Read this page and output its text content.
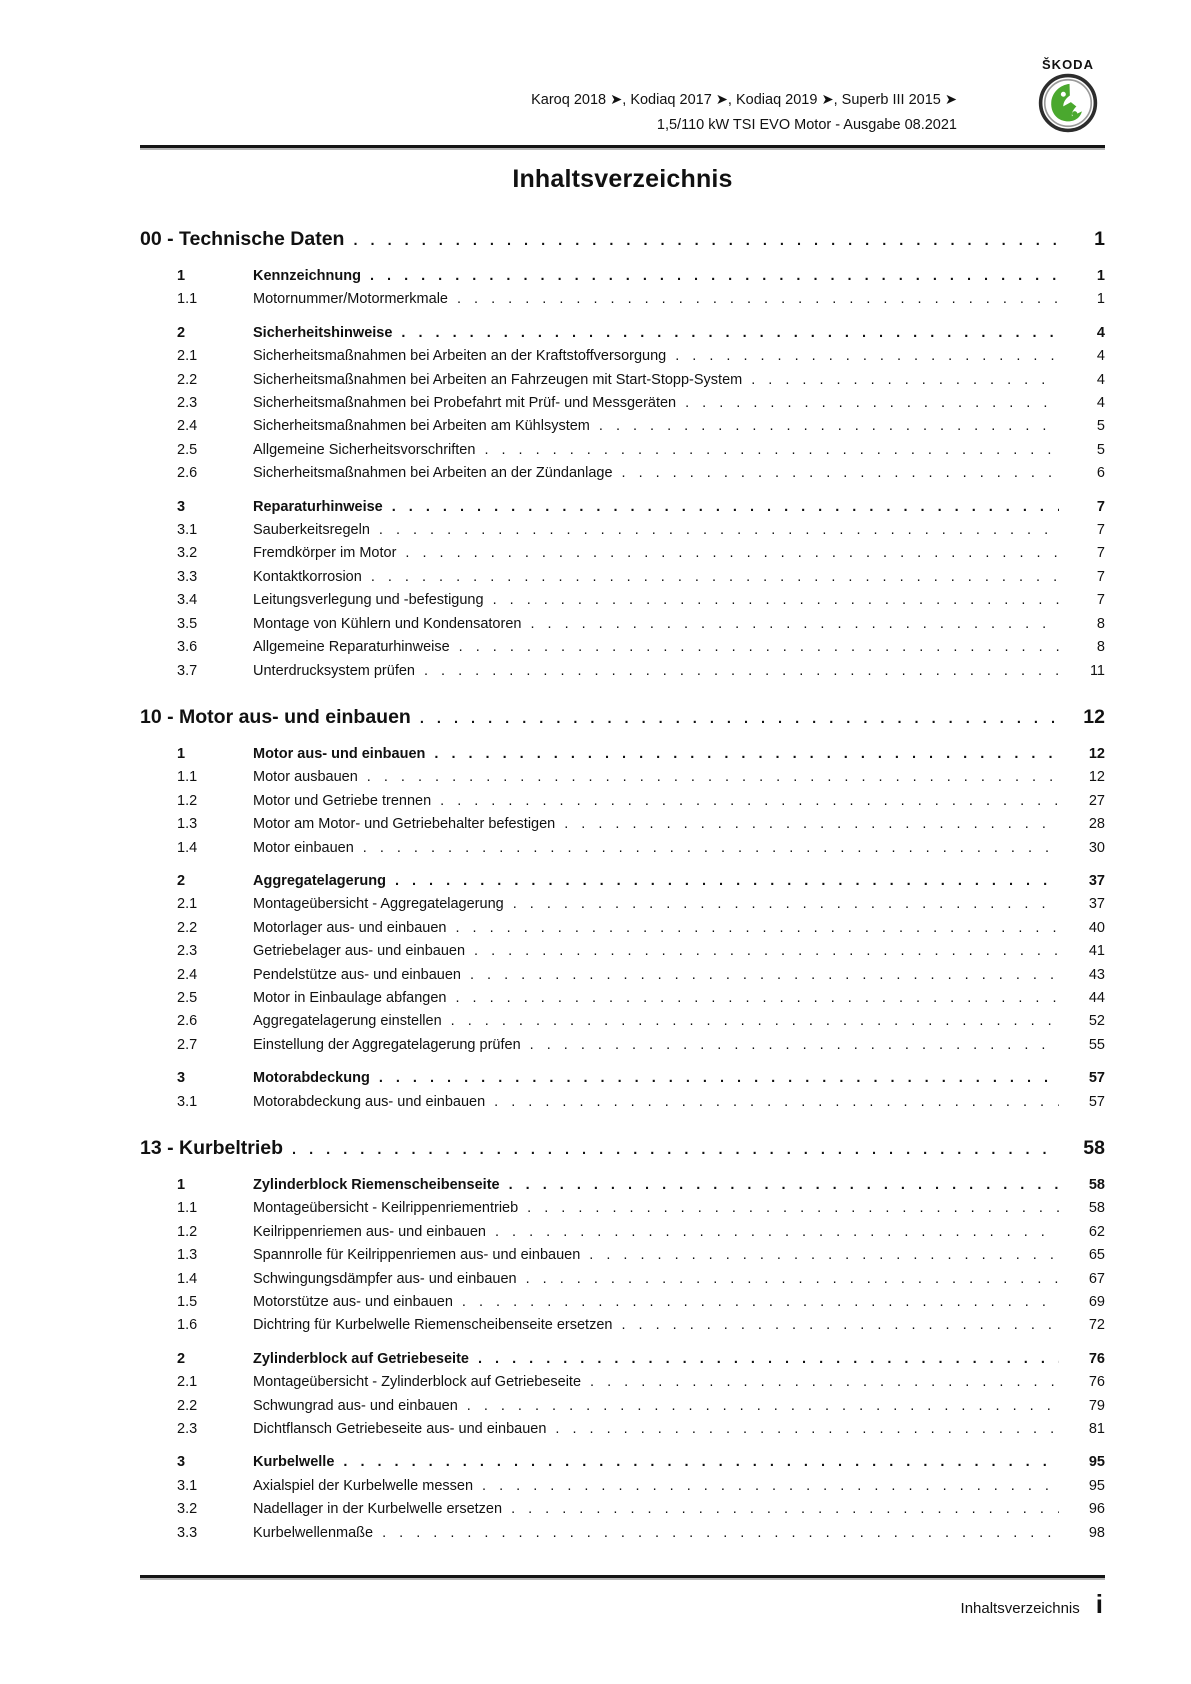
Karoq 2018 ➤, Kodiaq 2017 ➤, Kodiaq 2019 ➤, Superb III 2015 ➤
1,5/110 kW TSI EVO Motor - Ausgabe 08.2021
ŠKODA
Inhaltsverzeichnis
00 - Technische Daten . . .	1
1	Kennzeichnung . . .	1
1.1	Motornummer/Motormerkmale . . .	1
2	Sicherheitshinweise . . .	4
2.1	Sicherheitsmaßnahmen bei Arbeiten an der Kraftstoffversorgung . . .	4
2.2	Sicherheitsmaßnahmen bei Arbeiten an Fahrzeugen mit Start-Stopp-System . . .	4
2.3	Sicherheitsmaßnahmen bei Probefahrt mit Prüf- und Messgeräten . . .	4
2.4	Sicherheitsmaßnahmen bei Arbeiten am Kühlsystem . . .	5
2.5	Allgemeine Sicherheitsvorschriften . . .	5
2.6	Sicherheitsmaßnahmen bei Arbeiten an der Zündanlage . . .	6
3	Reparaturhinweise . . .	7
3.1	Sauberkeitsregeln . . .	7
3.2	Fremdkörper im Motor . . .	7
3.3	Kontaktkorrosion . . .	7
3.4	Leitungsverlegung und -befestigung . . .	7
3.5	Montage von Kühlern und Kondensatoren . . .	8
3.6	Allgemeine Reparaturhinweise . . .	8
3.7	Unterdrucksystem prüfen . . .	11
10 - Motor aus- und einbauen . . .	12
1	Motor aus- und einbauen . . .	12
1.1	Motor ausbauen . . .	12
1.2	Motor und Getriebe trennen . . .	27
1.3	Motor am Motor- und Getriebehalter befestigen . . .	28
1.4	Motor einbauen . . .	30
2	Aggregatelagerung . . .	37
2.1	Montageübersicht - Aggregatelagerung . . .	37
2.2	Motorlager aus- und einbauen . . .	40
2.3	Getriebelager aus- und einbauen . . .	41
2.4	Pendelstütze aus- und einbauen . . .	43
2.5	Motor in Einbaulage abfangen . . .	44
2.6	Aggregatelagerung einstellen . . .	52
2.7	Einstellung der Aggregatelagerung prüfen . . .	55
3	Motorabdeckung . . .	57
3.1	Motorabdeckung aus- und einbauen . . .	57
13 - Kurbeltrieb . . .	58
1	Zylinderblock Riemenscheibenseite . . .	58
1.1	Montageübersicht - Keilrippenriementrieb . . .	58
1.2	Keilrippenriemen aus- und einbauen . . .	62
1.3	Spannrolle für Keilrippenriemen aus- und einbauen . . .	65
1.4	Schwingungsdämpfer aus- und einbauen . . .	67
1.5	Motorstütze aus- und einbauen . . .	69
1.6	Dichtring für Kurbelwelle Riemenscheibenseite ersetzen . . .	72
2	Zylinderblock auf Getriebeseite . . .	76
2.1	Montageübersicht - Zylinderblock auf Getriebeseite . . .	76
2.2	Schwungrad aus- und einbauen . . .	79
2.3	Dichtflansch Getriebeseite aus- und einbauen . . .	81
3	Kurbelwelle . . .	95
3.1	Axialspiel der Kurbelwelle messen . . .	95
3.2	Nadellager in der Kurbelwelle ersetzen . . .	96
3.3	Kurbelwellenmaße . . .	98
Inhaltsverzeichnis i
